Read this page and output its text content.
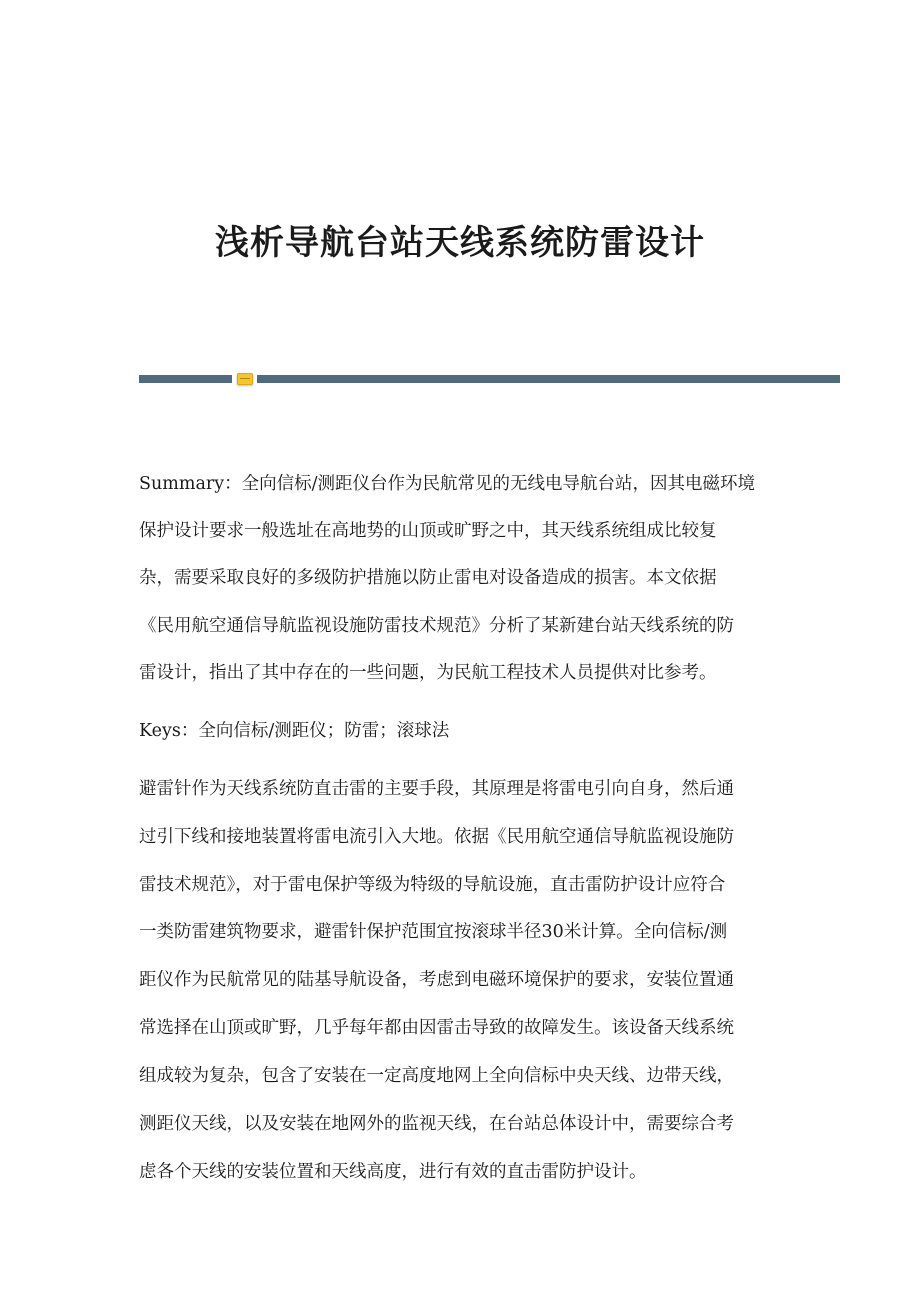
浅析导航台站天线系统防雷设计
Summary：全向信标/测距仪台作为民航常见的无线电导航台站，因其电磁环境
保护设计要求一般选址在高地势的山顶或旷野之中，其天线系统组成比较复
杂，需要采取良好的多级防护措施以防止雷电对设备造成的损害。本文依据
《民用航空通信导航监视设施防雷技术规范》分析了某新建台站天线系统的防
雷设计，指出了其中存在的一些问题，为民航工程技术人员提供对比参考。
Keys：全向信标/测距仪；防雷；滚球法
避雷针作为天线系统防直击雷的主要手段，其原理是将雷电引向自身，然后通
过引下线和接地装置将雷电流引入大地。依据《民用航空通信导航监视设施防
雷技术规范》，对于雷电保护等级为特级的导航设施，直击雷防护设计应符合
一类防雷建筑物要求，避雷针保护范围宜按滚球半径30米计算。全向信标/测
距仪作为民航常见的陆基导航设备，考虑到电磁环境保护的要求，安装位置通
常选择在山顶或旷野，几乎每年都由因雷击导致的故障发生。该设备天线系统
组成较为复杂，包含了安装在一定高度地网上全向信标中央天线、边带天线，
测距仪天线，以及安装在地网外的监视天线，在台站总体设计中，需要综合考
虑各个天线的安装位置和天线高度，进行有效的直击雷防护设计。
